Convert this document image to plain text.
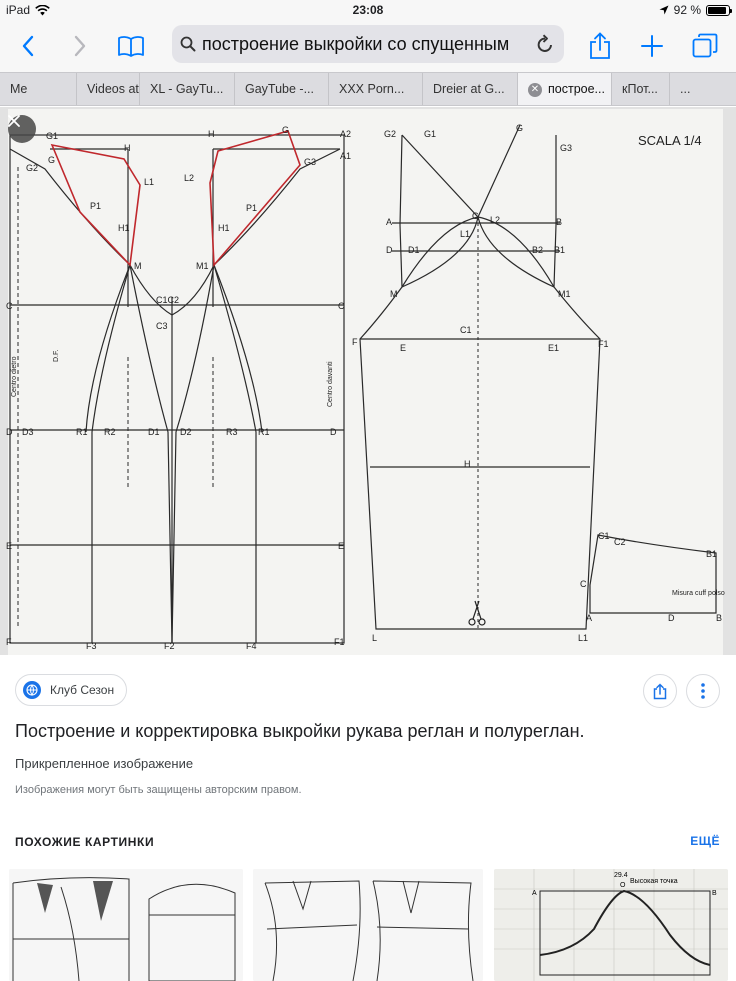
iPad	23:08	92 %
построение выкройки со спущенным
Me	Videos at XL - GayTu...	GayTube -...	XXX Porn...	Dreier at G...	✕ построе...	кПот...	...
SCALA 1/4
G1
G
G2
H
L1
P1
H1
M
C1C2
C3
H	G	A2
A1
G3
L2
P1
H1
M1
C
C
D D3	R1 R2	D1 D2	R3 R1	D
E	E
F	F3	F2	F4	F1
G2	G1
G
G3
A	B
C L2
L1
D D1	B2 B1
M	M1
C1
F
E	E1	F1
H
L	L1
C1
C2
B1
C
A	D	B
Misura cuff polso
Centro dietro	Centro davanti
D.F.
Клуб Сезон
Построение и корректировка выкройки рукава реглан и полуреглан.
Прикрепленное изображение
Изображения могут быть защищены авторским правом.
ПОХОЖИЕ КАРТИНКИ	ЕЩЁ
A	B
O
Высокая точка
29.4
